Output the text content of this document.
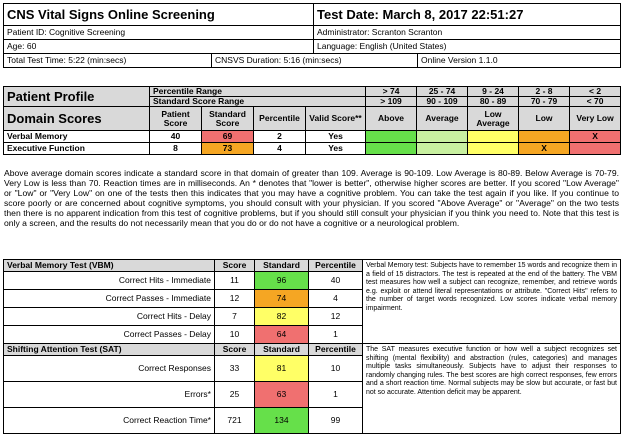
CNS Vital Signs Online Screening		Test Date: March 8, 2017 22:51:27	
Patient ID: Cognitive Screening		Administrator: Scranton Scranton	
Age: 60		Language: English (United States)	
Total Test Time: 5:22 (min:secs)	CNSVS Duration: 5:16 (min:secs)		Online Version 1.1.0
Patient Profile	Percentile Range				> 74	25 - 74	9 - 24	2 - 8	< 2
	Standard Score Range				> 109	90 - 109	80 - 89	70 - 79	< 70
Domain Scores	Patient Score	Standard Score	Percentile	Valid Score**	Above	Average	Low Average	Low	Very Low
Verbal Memory	40	69	2	Yes					X
Executive Function	8	73	4	Yes				X	
Above average domain scores indicate a standard score in that domain of greater than 109. Average is 90-109. Low Average is 80-89. Below Average is 70-79. Very Low is less than 70. Reaction times are in milliseconds. An * denotes that "lower is better", otherwise higher scores are better. If you scored "Low Average" or "Low" or "Very Low" on one of the tests then this indicates that you may have a cognitive problem. You can take the test again if you like. If you continue to score poorly or are concerned about cognitive symptoms, you should consult with your physician. If you scored "Above Average" or "Average" on the two tests then there is no apparent indication from this test of cognitive problems, but if you should still consult your physician if you think you need to. Note that this test is only a screen, and the results do not necessarily mean that you do or do not have a cognitive or a neurological problem.
Verbal Memory Test (VBM)	Score	Standard	Percentile	Verbal Memory test: Subjects have to remember 15 words and recognize them in a field of 15 distractors. The test is repeated at the end of the battery. The VBM test measures how well a subject can recognize, remember, and retrieve words e.g. exploit or attend literal representations or attribute. "Correct Hits" refers to the number of target words recognized. Low scores indicate verbal memory impairment.
Correct Hits - Immediate	11	96	40	
Correct Passes - Immediate	12	74	4	
Correct Hits - Delay	7	82	12	
Correct Passes - Delay	10	64	1	
Shifting Attention Test (SAT)	Score	Standard	Percentile	The SAT measures executive function or how well a subject recognizes set shifting (mental flexibility) and abstraction (rules, categories) and manages multiple tasks simultaneously. Subjects have to adjust their responses to randomly changing rules. The best scores are high correct responses, few errors and a short reaction time. Normal subjects may be slow but accurate, or fast but not so accurate. Attention deficit may be apparent.
Correct Responses	33	81	10	
Errors*	25	63	1	
Correct Reaction Time*	721	134	99	
